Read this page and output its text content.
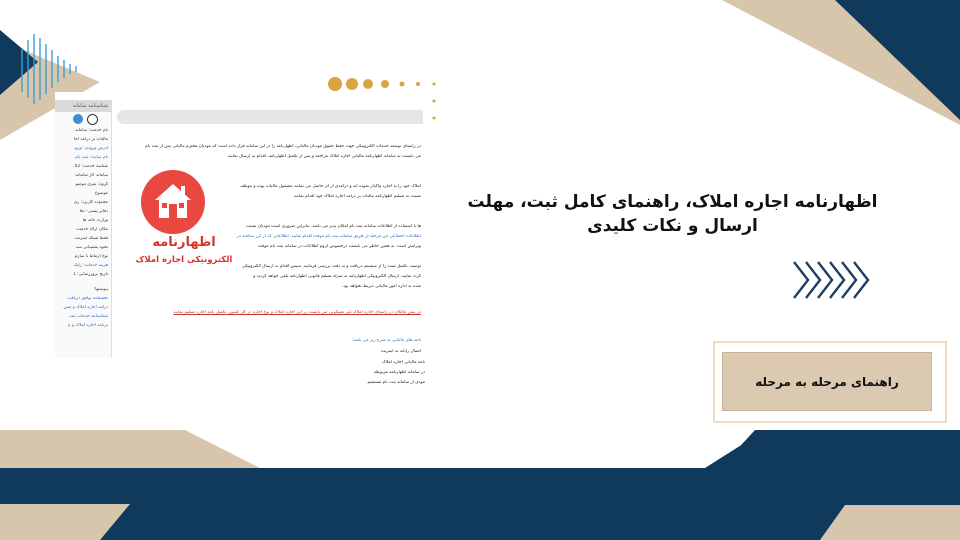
شناسنامه سامانه
نام خدمت: سامانه
مالیات بر درآمد اجا
آدرس ورودی: ورود
نام سایت: ثبت نام
شناسه خدمت: 02
سامانه کار سامانه:
گروه: نفری موضو
موضوع
محدوده کاربرد: ری
دفاتر پستی- دفا
وزارت خانه ها
مکان ارائه خدمت:
فقط شبکه اینترنت
نحوه پشتیبانی سه
نوع ارتباط با سازم
هزینه خدمات: رایگ
تاریخ بروزرسانی: 1
پیوستها:
بخشنامه توافق دریافت
درآمد اجاره املاک و مس
شناسنامه خدمات ثبت
برنامه اجاره املاک و م
اظهارنامه
الکترونیکی اجاره املاک
در راستای توسعه خدمات الکترونیکی جهت حفظ حقوق مودیان مالیاتی، اظهارنامه را در این سامانه قرار داده است که مودیان محترم مالیاتی پس از ثبت نام
می بایست به سامانه اظهارنامه مالیاتی اجاره املاک مراجعه و پس از تکمیل اظهارنامه، اقدام به ارسال نمایند.
املاک خود را به اجاره واگذار نموده اند و درآمدی از آن حاصل می نمایند مشمول مالیات بوده و موظف
نسبت به تسلیم اظهارنامه مالیات بر درآمد اجاره املاک خود اقدام نمایند.
ها با استفاده از اطلاعات سامانه ثبت نام امکان پذیر می باشد. بنابراین ضروری است مودیان نسبت
اطلاعات اجتماعی این مرحله از طریق سامانه ثبت نام موقت اقدام نمایند. اطلاعاتی که از این سامانه در
ویرایش است. به همین خاطر می بایست درخصوص لزوم اطلاعات در سامانه ثبت نام موقت
توصیه، تکمیل شده را از سیستم دریافت و به دقت بررسی فرمایید. سپس اقدام به ارسال الکترونیکی
گردد نمایید. ارسال الکترونیکی اظهارنامه به منزله تسلیم قانونی اظهارنامه تلقی خواهد گردید و
شده به اداره امور مالیاتی ذیربط نخواهد بود.
در پیش مالکان در راستای اجاره املاک غیر مسکونی می بایست بر این اجاره املاک و نوع اجاره در کل کشور، تکمیل نامه اجاره تسلیم نمایند
نامه های مالیاتی به شرح زیر می باشد:
اتصال رایانه به اینترنت
نامه مالیاتی اجاره املاک
در سامانه اظهارنامه مربوطه
مودی از سامانه ثبت نام مستقیم
اظهارنامه اجاره املاک، راهنمای کامل ثبت، مهلت ارسال و نکات کلیدی
راهنمای مرحله به مرحله
